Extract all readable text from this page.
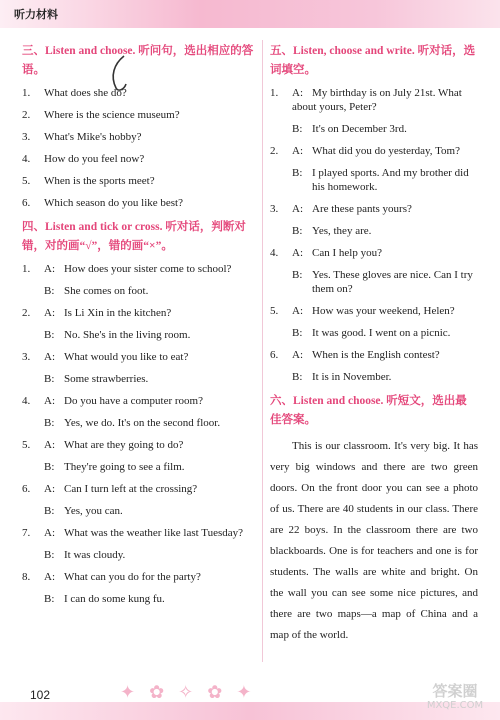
听力材料
三、Listen and choose. 听问句，选出相应的答语。
1.	What does she do?
2.	Where is the science museum?
3.	What's Mike's hobby?
4.	How do you feel now?
5.	When is the sports meet?
6.	Which season do you like best?
四、Listen and tick or cross. 听对话，判断对错，对的画“√”，错的画“×”。
1.	A: How does your sister come to school?
B: She comes on foot.
2.	A: Is Li Xin in the kitchen?
B: No. She's in the living room.
3.	A: What would you like to eat?
B: Some strawberries.
4.	A: Do you have a computer room?
B: Yes, we do. It's on the second floor.
5.	A: What are they going to do?
B: They're going to see a film.
6.	A: Can I turn left at the crossing?
B: Yes, you can.
7.	A: What was the weather like last Tuesday?
B: It was cloudy.
8.	A: What can you do for the party?
B: I can do some kung fu.
五、Listen, choose and write. 听对话，选词填空。
1.	A: My birthday is on July 21st. What about yours, Peter?
B: It's on December 3rd.
2.	A: What did you do yesterday, Tom?
B: I played sports. And my brother did his homework.
3.	A: Are these pants yours?
B: Yes, they are.
4.	A: Can I help you?
B: Yes. These gloves are nice. Can I try them on?
5.	A: How was your weekend, Helen?
B: It was good. I went on a picnic.
6.	A: When is the English contest?
B: It is in November.
六、Listen and choose. 听短文，选出最佳答案。

This is our classroom. It's very big. It has very big windows and there are two green doors. On the front door you can see a photo of us. There are 40 students in our class. There are 22 boys. In the classroom there are two blackboards. One is for teachers and one is for students. The walls are white and bright. On the wall you can see some nice pictures, and there are two maps—a map of China and a map of the world.

102	✦✿✧✿✦	答案圈
MXQE.COM
